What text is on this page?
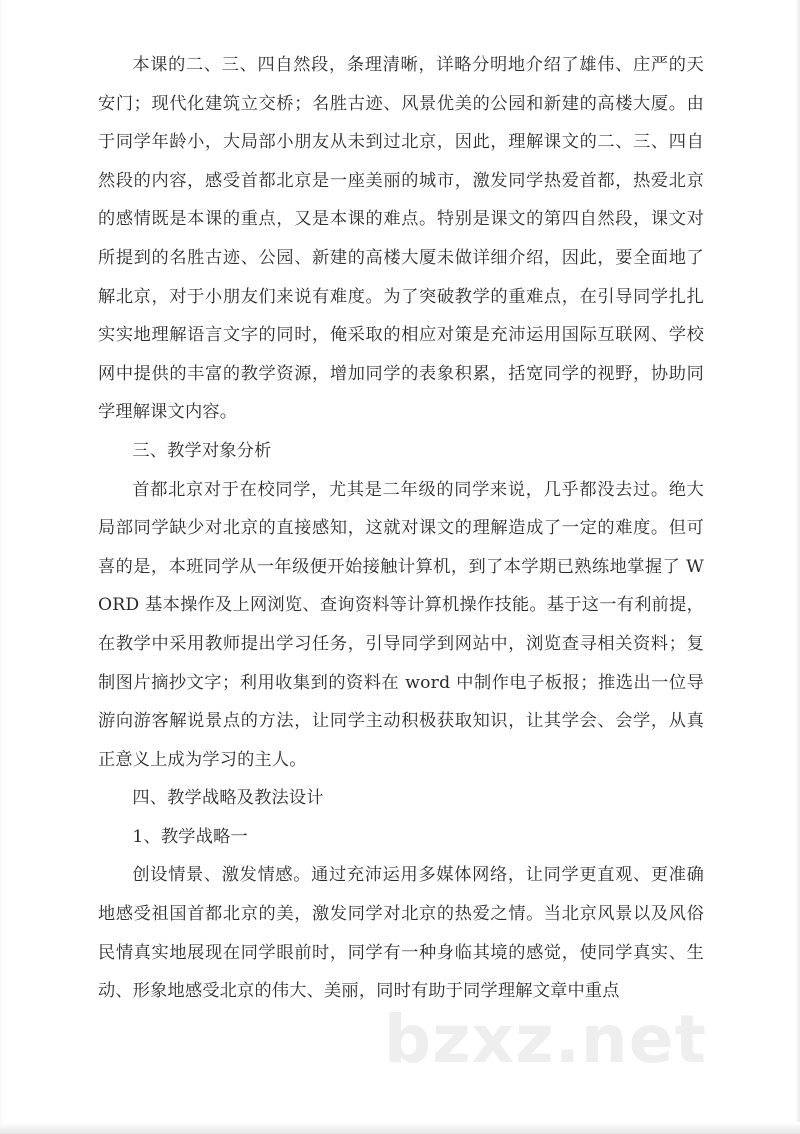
bzxz.net

本课的二、三、四自然段，条理清晰，详略分明地介绍了雄伟、庄严的天安门；现代化建筑立交桥；名胜古迹、风景优美的公园和新建的高楼大厦。由于同学年龄小，大局部小朋友从未到过北京，因此，理解课文的二、三、四自然段的内容，感受首都北京是一座美丽的城市，激发同学热爱首都，热爱北京的感情既是本课的重点，又是本课的难点。特别是课文的第四自然段，课文对所提到的名胜古迹、公园、新建的高楼大厦未做详细介绍，因此，要全面地了解北京，对于小朋友们来说有难度。为了突破教学的重难点，在引导同学扎扎实实地理解语言文字的同时，俺采取的相应对策是充沛运用国际互联网、学校网中提供的丰富的教学资源，增加同学的表象积累，括宽同学的视野，协助同学理解课文内容。

三、教学对象分析

首都北京对于在校同学，尤其是二年级的同学来说，几乎都没去过。绝大局部同学缺少对北京的直接感知，这就对课文的理解造成了一定的难度。但可喜的是，本班同学从一年级便开始接触计算机，到了本学期已熟练地掌握了 WORD 基本操作及上网浏览、查询资料等计算机操作技能。基于这一有利前提，在教学中采用教师提出学习任务，引导同学到网站中，浏览查寻相关资料；复制图片摘抄文字；利用收集到的资料在 word 中制作电子板报；推选出一位导游向游客解说景点的方法，让同学主动积极获取知识，让其学会、会学，从真正意义上成为学习的主人。

四、教学战略及教法设计

1、教学战略一

创设情景、激发情感。通过充沛运用多媒体网络，让同学更直观、更准确地感受祖国首都北京的美，激发同学对北京的热爱之情。当北京风景以及风俗民情真实地展现在同学眼前时，同学有一种身临其境的感觉，使同学真实、生动、形象地感受北京的伟大、美丽，同时有助于同学理解文章中重点
